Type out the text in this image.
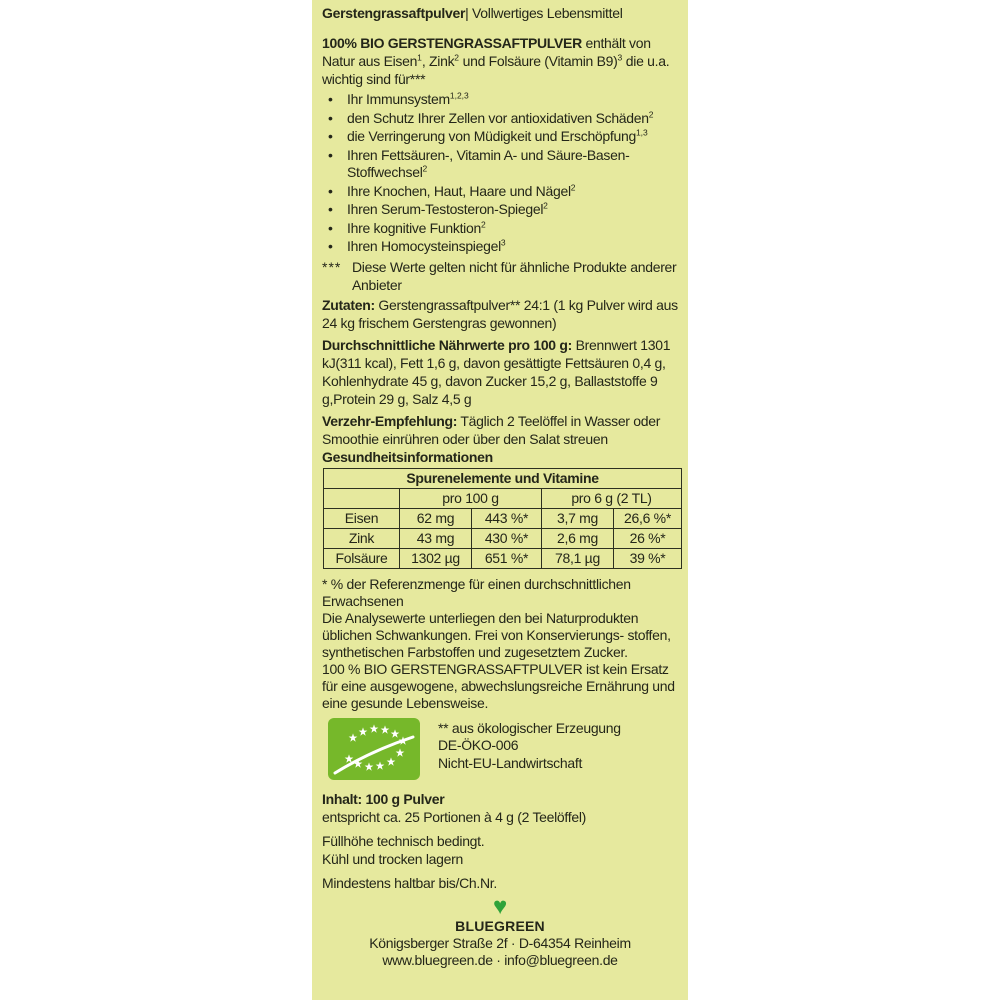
Gerstengrassaftpulver| Vollwertiges Lebensmittel
100% BIO GERSTENGRASSAFTPULVER enthält von Natur aus Eisen$^1$, Zink$^2$ und Folsäure (Vitamin B9)$^3$ die u.a. wichtig sind für***
•	Ihr Immunsystem$^{1,2,3}$
•	den Schutz Ihrer Zellen vor antioxidativen Schäden$^2$
•	die Verringerung von Müdigkeit und Erschöpfung$^{1,3}$
•	Ihren Fettsäuren-, Vitamin A- und Säure-Basen-Stoffwechsel$^2$
•	Ihre Knochen, Haut, Haare und Nägel$^2$
•	Ihren Serum-Testosteron-Spiegel$^2$
•	Ihre kognitive Funktion$^2$
•	Ihren Homocysteinspiegel$^3$
*** Diese Werte gelten nicht für ähnliche Produkte anderer Anbieter
Zutaten: Gerstengrassaftpulver** 24:1 (1 kg Pulver wird aus 24 kg frischem Gerstengras gewonnen)
Durchschnittliche Nährwerte pro 100 g: Brennwert 1301 kJ(311 kcal), Fett 1,6 g, davon gesättigte Fettsäuren 0,4 g, Kohlenhydrate 45 g, davon Zucker 15,2 g, Ballaststoffe 9 g,Protein 29 g, Salz 4,5 g
Verzehr-Empfehlung: Täglich 2 Teelöffel in Wasser oder Smoothie einrühren oder über den Salat streuen
Gesundheitsinformationen
Spurenelemente und Vitamine				
	pro 100 g		pro 6 g (2 TL)	
Eisen	62 mg	443 %*	3,7 mg	26,6 %*
Zink	43 mg	430 %*	2,6 mg	26 %*
Folsäure	1302 µg	651 %*	78,1 µg	39 %*
* % der Referenzmenge für einen durchschnittlichen Erwachsenen
Die Analysewerte unterliegen den bei Naturprodukten üblichen Schwankungen. Frei von Konservierungs- stoffen, synthetischen Farbstoffen und zugesetztem Zucker.
100 % BIO GERSTENGRASSAFTPULVER ist kein Ersatz für eine ausgewogene, abwechslungsreiche Ernährung und eine gesunde Lebensweise.
** aus ökologischer Erzeugung
DE-ÖKO-006
Nicht-EU-Landwirtschaft
Inhalt: 100 g Pulver
entspricht ca. 25 Portionen à 4 g (2 Teelöffel)
Füllhöhe technisch bedingt.
Kühl und trocken lagern
Mindestens haltbar bis/Ch.Nr.
♥
BLUEGREEN
Königsberger Straße 2f · D-64354 Reinheim
www.bluegreen.de · info@bluegreen.de
